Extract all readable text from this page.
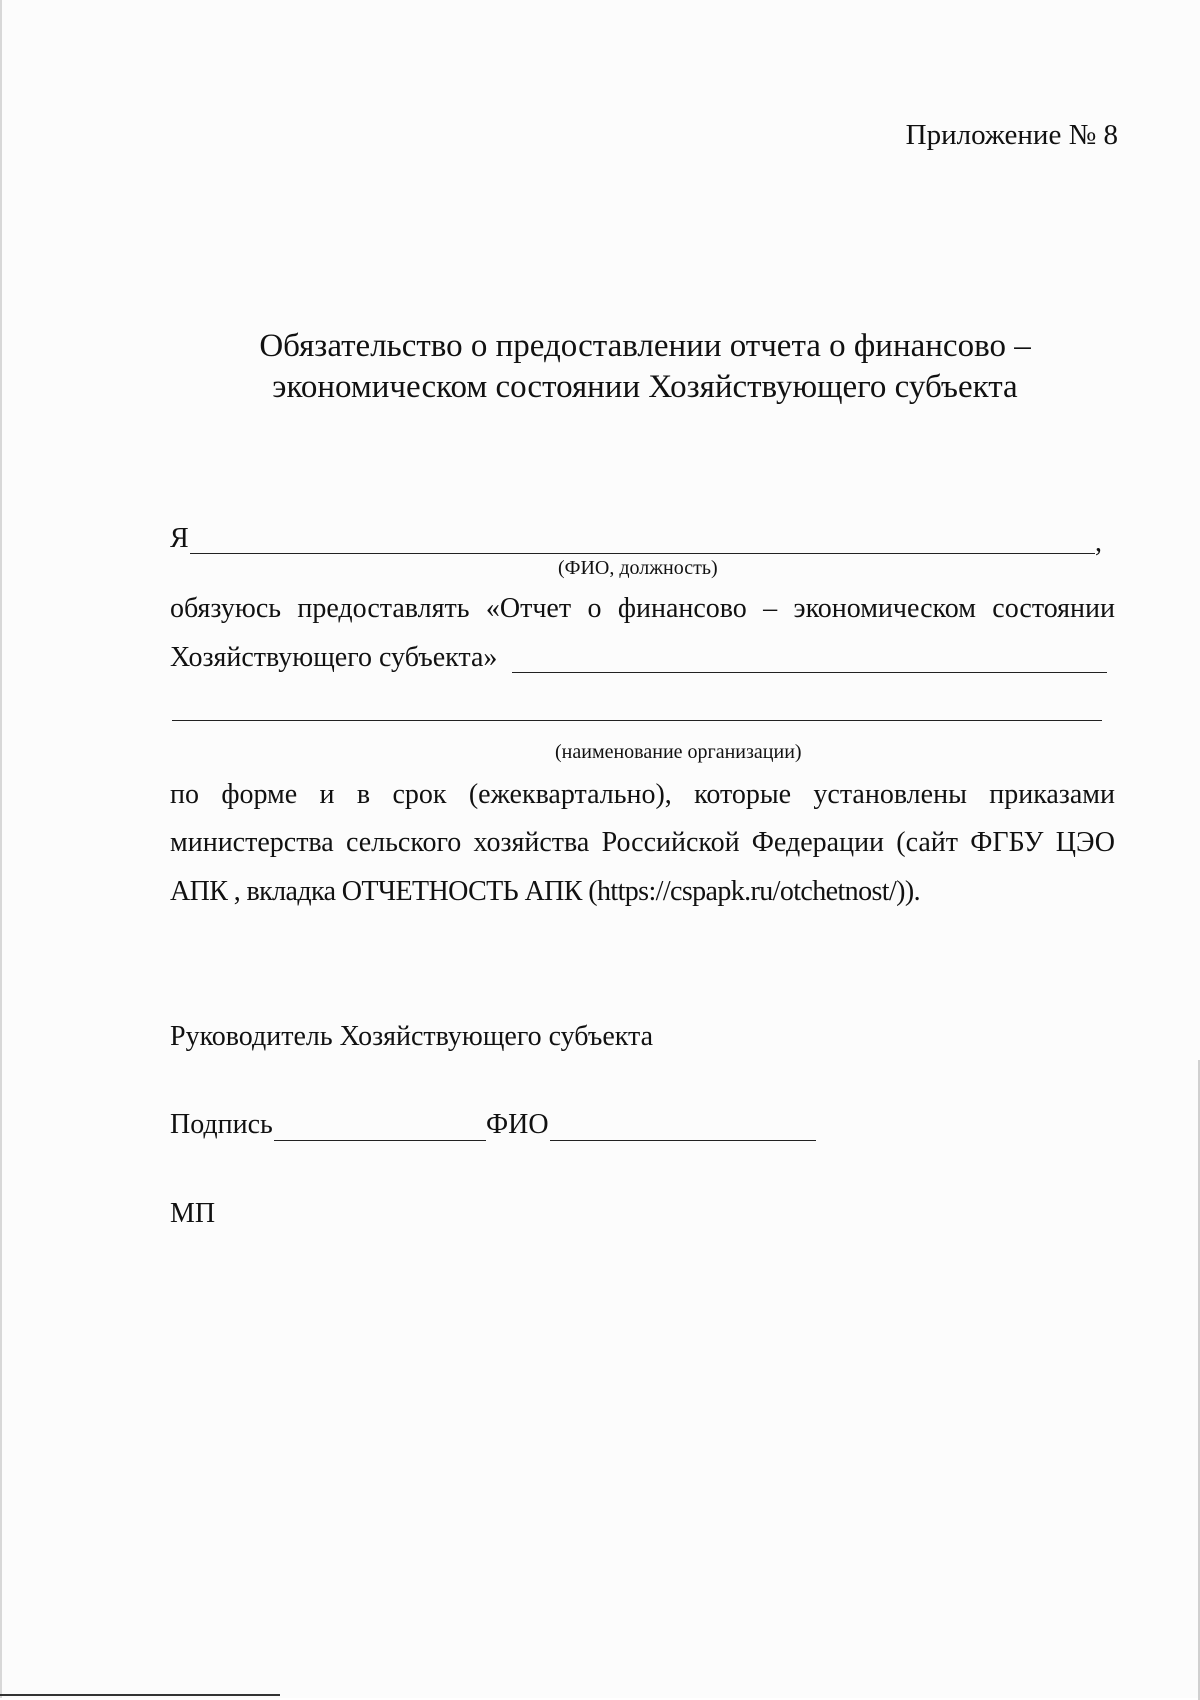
Приложение № 8
Обязательство о предоставлении отчета о финансово –
экономическом состоянии Хозяйствующего субъекта
Я	,
(ФИО, должность)
обязуюсь предоставлять «Отчет о финансово – экономическом состоянии
Хозяйствующего субъекта»
(наименование организации)
по форме и в срок (ежеквартально), которые установлены приказами
министерства сельского хозяйства Российской Федерации (сайт ФГБУ ЦЭО
АПК , вкладка ОТЧЕТНОСТЬ АПК (https://cspapk.ru/otchetnost/)).
Руководитель Хозяйствующего субъекта
Подпись	ФИО
МП
